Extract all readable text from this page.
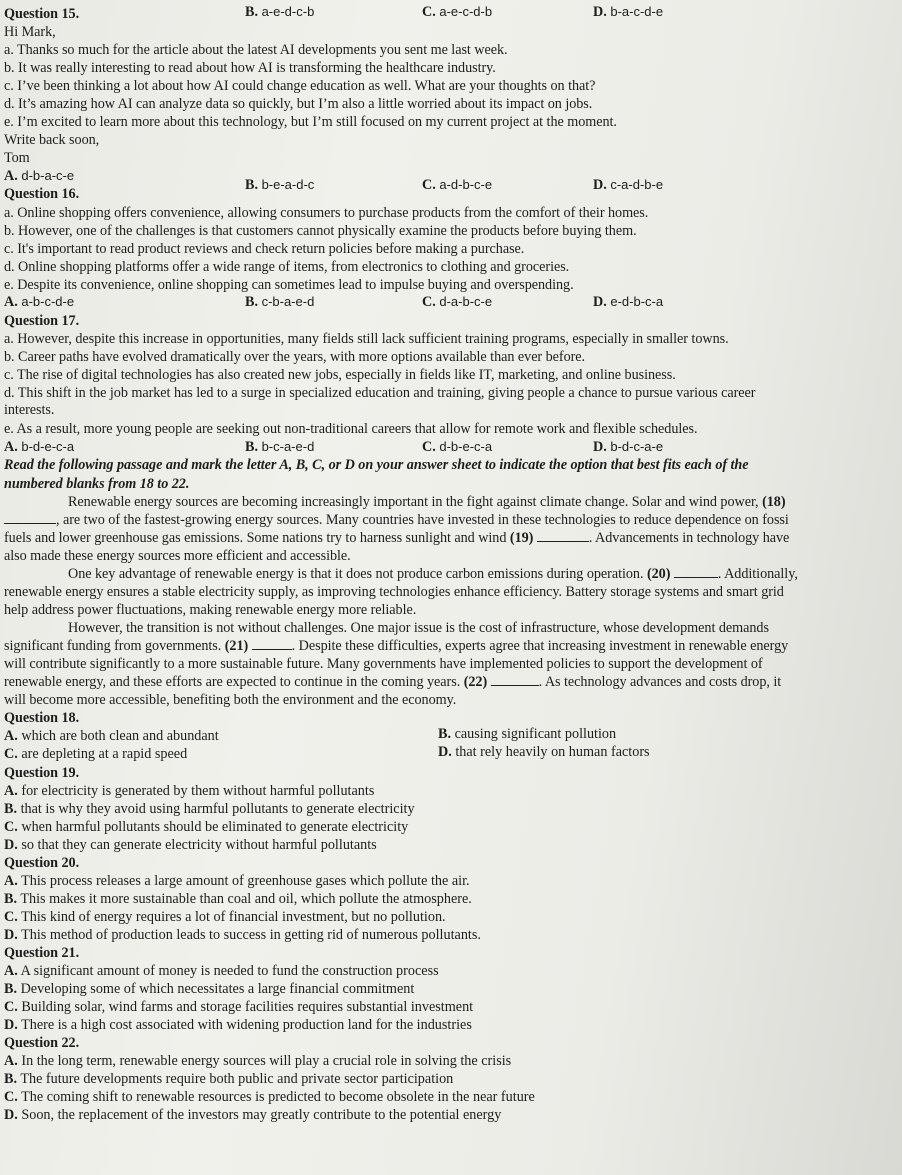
Question 15.	B. a-e-d-c-b	C. a-e-c-d-b	D. b-a-c-d-e
Hi Mark,
a. Thanks so much for the article about the latest AI developments you sent me last week.
b. It was really interesting to read about how AI is transforming the healthcare industry.
c. I’ve been thinking a lot about how AI could change education as well. What are your thoughts on that?
d. It’s amazing how AI can analyze data so quickly, but I’m also a little worried about its impact on jobs.
e. I’m excited to learn more about this technology, but I’m still focused on my current project at the moment.
Write back soon,
Tom
A. d-b-a-c-e
Question 16.
B. b-e-a-d-c	C. a-d-b-c-e	D. c-a-d-b-e
a. Online shopping offers convenience, allowing consumers to purchase products from the comfort of their homes.
b. However, one of the challenges is that customers cannot physically examine the products before buying them.
c. It's important to read product reviews and check return policies before making a purchase.
d. Online shopping platforms offer a wide range of items, from electronics to clothing and groceries.
e. Despite its convenience, online shopping can sometimes lead to impulse buying and overspending.
A. a-b-c-d-e	B. c-b-a-e-d	C. d-a-b-c-e	D. e-d-b-c-a
Question 17.
a. However, despite this increase in opportunities, many fields still lack sufficient training programs, especially in smaller towns.
b. Career paths have evolved dramatically over the years, with more options available than ever before.
c. The rise of digital technologies has also created new jobs, especially in fields like IT, marketing, and online business.
d. This shift in the job market has led to a surge in specialized education and training, giving people a chance to pursue various career
interests.
e. As a result, more young people are seeking out non-traditional careers that allow for remote work and flexible schedules.
A. b-d-e-c-a	B. b-c-a-e-d	C. d-b-e-c-a	D. b-d-c-a-e
Read the following passage and mark the letter A, B, C, or D on your answer sheet to indicate the option that best fits each of the
numbered blanks from 18 to 22.
Renewable energy sources are becoming increasingly important in the fight against climate change. Solar and wind power, (18)
, are two of the fastest-growing energy sources. Many countries have invested in these technologies to reduce dependence on fossi
fuels and lower greenhouse gas emissions. Some nations try to harness sunlight and wind (19)	. Advancements in technology have
also made these energy sources more efficient and accessible.
One key advantage of renewable energy is that it does not produce carbon emissions during operation. (20)	. Additionally,
renewable energy ensures a stable electricity supply, as improving technologies enhance efficiency. Battery storage systems and smart grid
help address power fluctuations, making renewable energy more reliable.
However, the transition is not without challenges. One major issue is the cost of infrastructure, whose development demands
significant funding from governments. (21)	. Despite these difficulties, experts agree that increasing investment in renewable energy
will contribute significantly to a more sustainable future. Many governments have implemented policies to support the development of
renewable energy, and these efforts are expected to continue in the coming years. (22)	. As technology advances and costs drop, it
will become more accessible, benefiting both the environment and the economy.
Question 18.
A. which are both clean and abundant	B. causing significant pollution
C. are depleting at a rapid speed	D. that rely heavily on human factors
Question 19.
A. for electricity is generated by them without harmful pollutants
B. that is why they avoid using harmful pollutants to generate electricity
C. when harmful pollutants should be eliminated to generate electricity
D. so that they can generate electricity without harmful pollutants
Question 20.
A. This process releases a large amount of greenhouse gases which pollute the air.
B. This makes it more sustainable than coal and oil, which pollute the atmosphere.
C. This kind of energy requires a lot of financial investment, but no pollution.
D. This method of production leads to success in getting rid of numerous pollutants.
Question 21.
A. A significant amount of money is needed to fund the construction process
B. Developing some of which necessitates a large financial commitment
C. Building solar, wind farms and storage facilities requires substantial investment
D. There is a high cost associated with widening production land for the industries
Question 22.
A. In the long term, renewable energy sources will play a crucial role in solving the crisis
B. The future developments require both public and private sector participation
C. The coming shift to renewable resources is predicted to become obsolete in the near future
D. Soon, the replacement of the investors may greatly contribute to the potential energy
